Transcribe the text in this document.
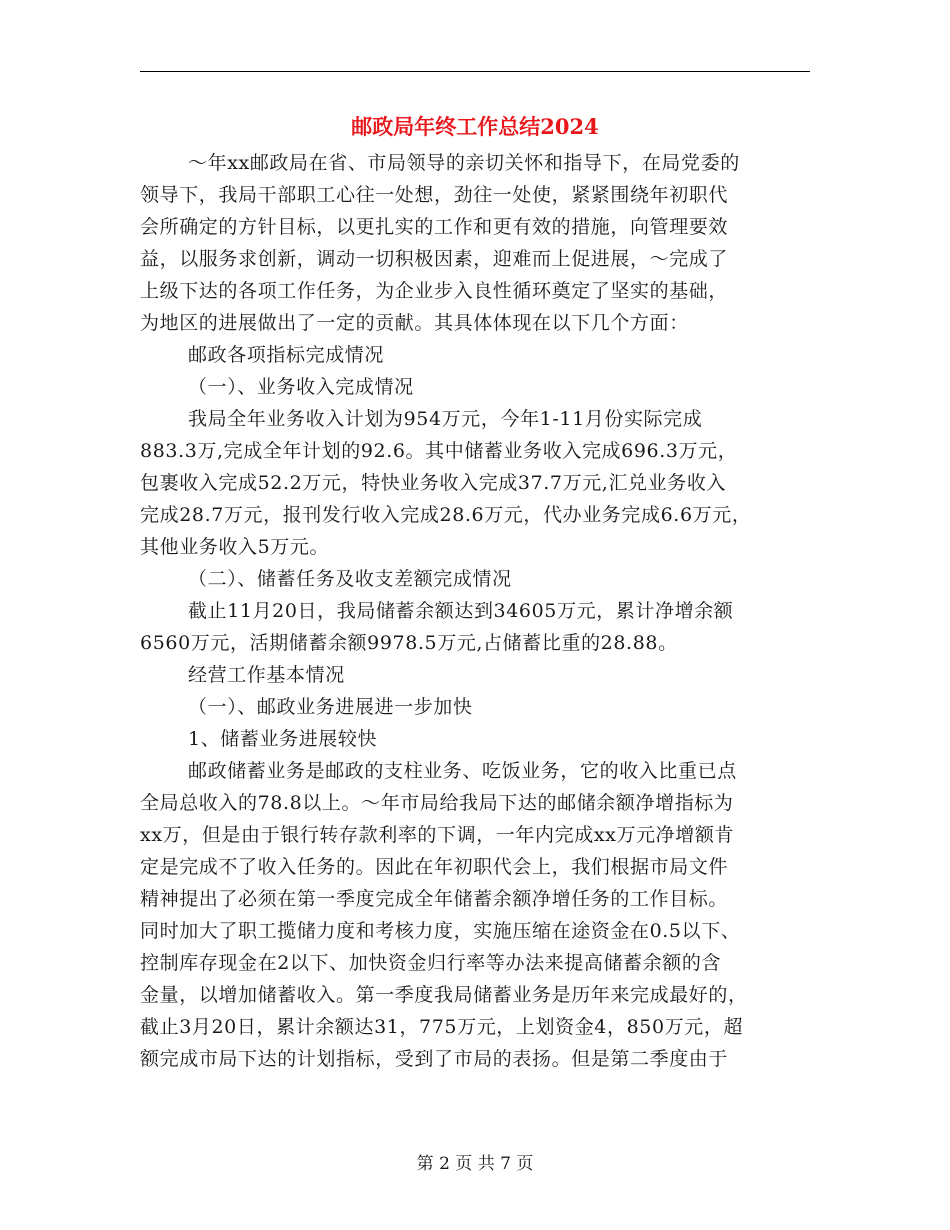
邮政局年终工作总结2024
～年xx邮政局在省、市局领导的亲切关怀和指导下，在局党委的
领导下，我局干部职工心往一处想，劲往一处使，紧紧围绕年初职代
会所确定的方针目标，以更扎实的工作和更有效的措施，向管理要效
益，以服务求创新，调动一切积极因素，迎难而上促进展，～完成了
上级下达的各项工作任务，为企业步入良性循环奠定了坚实的基础，
为地区的进展做出了一定的贡献。其具体体现在以下几个方面：
邮政各项指标完成情况
（一）、业务收入完成情况
我局全年业务收入计划为954万元，今年1-11月份实际完成
883.3万,完成全年计划的92.6。其中储蓄业务收入完成696.3万元，
包裹收入完成52.2万元，特快业务收入完成37.7万元,汇兑业务收入
完成28.7万元，报刊发行收入完成28.6万元，代办业务完成6.6万元，
其他业务收入5万元。
（二）、储蓄任务及收支差额完成情况
截止11月20日，我局储蓄余额达到34605万元，累计净增余额
6560万元，活期储蓄余额9978.5万元,占储蓄比重的28.88。
经营工作基本情况
（一）、邮政业务进展进一步加快
1、储蓄业务进展较快
邮政储蓄业务是邮政的支柱业务、吃饭业务，它的收入比重已点
全局总收入的78.8以上。～年市局给我局下达的邮储余额净增指标为
xx万，但是由于银行转存款利率的下调，一年内完成xx万元净增额肯
定是完成不了收入任务的。因此在年初职代会上，我们根据市局文件
精神提出了必须在第一季度完成全年储蓄余额净增任务的工作目标。
同时加大了职工揽储力度和考核力度，实施压缩在途资金在0.5以下、
控制库存现金在2以下、加快资金归行率等办法来提高储蓄余额的含
金量，以增加储蓄收入。第一季度我局储蓄业务是历年来完成最好的，
截止3月20日，累计余额达31，775万元，上划资金4，850万元，超
额完成市局下达的计划指标，受到了市局的表扬。但是第二季度由于
第 2 页 共 7 页
